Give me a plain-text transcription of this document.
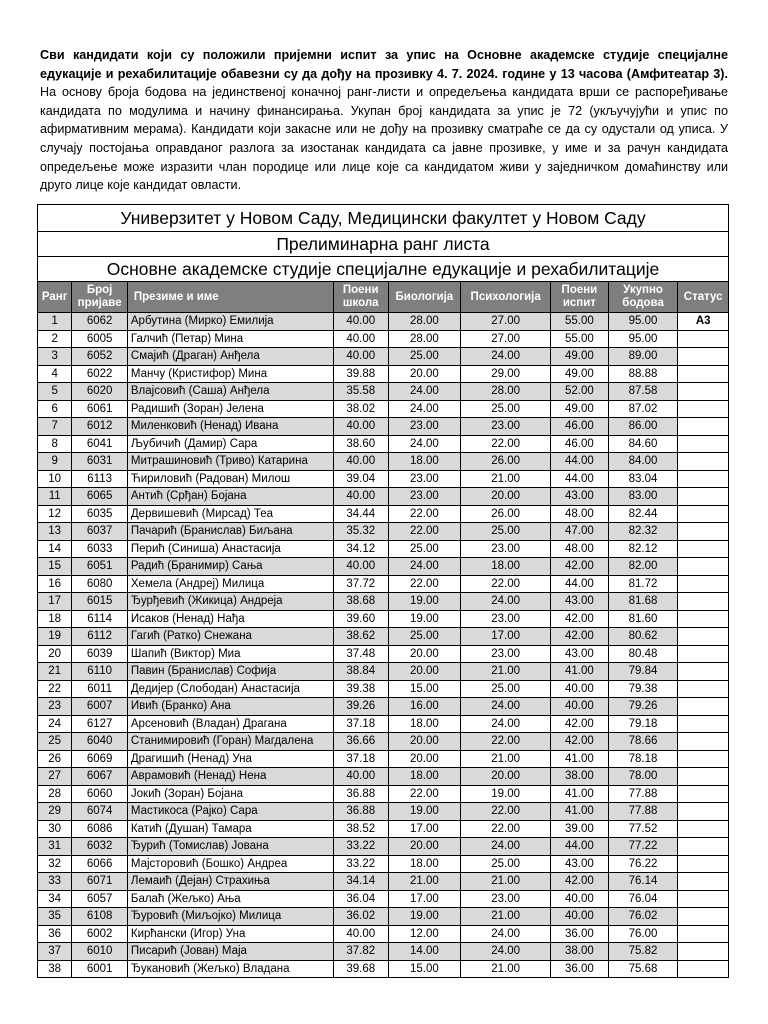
Сви кандидати који су положили пријемни испит за упис на Основне академске студије специјалне едукације и рехабилитације обавезни су да дођу на прозивку 4. 7. 2024. године у 13 часова (Амфитеатар 3). На основу броја бодова на јединственој коначној ранг-листи и опредељења кандидата врши се распоређивање кандидата по модулима и начину финансирања. Укупан број кандидата за упис је 72 (укључујући и упис по афирмативним мерама). Кандидати који закасне или не дођу на прозивку сматраће се да су одустали од уписа. У случају постојања оправданог разлога за изостанак кандидата са јавне прозивке, у име и за рачун кандидата опредељење може изразити члан породице или лице које са кандидатом живи у заједничком домаћинству или друго лице које кандидат овласти.
Универзитет у Новом Саду, Медицински факултет у Новом Саду								
Прелиминарна ранг листа								
Основне академске студије специјалне едукације и рехабилитације								
Ранг	Број пријаве	Презиме и име	Поени школа	Биологија	Психологија	Поени испит	Укупно бодова	Статус
1	6062	Арбутина (Мирко) Емилија	40.00	28.00	27.00	55.00	95.00	А3
2	6005	Галчић (Петар) Мина	40.00	28.00	27.00	55.00	95.00	
3	6052	Смајић (Драган) Анђела	40.00	25.00	24.00	49.00	89.00	
4	6022	Манчу (Кристифор) Мина	39.88	20.00	29.00	49.00	88.88	
5	6020	Влајсовић (Саша) Анђела	35.58	24.00	28.00	52.00	87.58	
6	6061	Радишић (Зоран) Јелена	38.02	24.00	25.00	49.00	87.02	
7	6012	Миленковић (Ненад) Ивана	40.00	23.00	23.00	46.00	86.00	
8	6041	Љубичић (Дамир) Сара	38.60	24.00	22.00	46.00	84.60	
9	6031	Митрашиновић (Триво) Катарина	40.00	18.00	26.00	44.00	84.00	
10	6113	Ћириловић (Радован) Милош	39.04	23.00	21.00	44.00	83.04	
11	6065	Антић (Срђан) Бојана	40.00	23.00	20.00	43.00	83.00	
12	6035	Дервишевић (Мирсад) Теа	34.44	22.00	26.00	48.00	82.44	
13	6037	Пачарић (Бранислав) Биљана	35.32	22.00	25.00	47.00	82.32	
14	6033	Перић (Синиша) Анастасија	34.12	25.00	23.00	48.00	82.12	
15	6051	Радић (Бранимир) Сања	40.00	24.00	18.00	42.00	82.00	
16	6080	Хемела (Андреј) Милица	37.72	22.00	22.00	44.00	81.72	
17	6015	Ђурђевић (Жикица) Андреја	38.68	19.00	24.00	43.00	81.68	
18	6114	Исаков (Ненад) Нађа	39.60	19.00	23.00	42.00	81.60	
19	6112	Гагић (Ратко) Снежана	38.62	25.00	17.00	42.00	80.62	
20	6039	Шапић (Виктор) Миа	37.48	20.00	23.00	43.00	80.48	
21	6110	Павин (Бранислав) Софија	38.84	20.00	21.00	41.00	79.84	
22	6011	Дедијер (Слободан) Анастасија	39.38	15.00	25.00	40.00	79.38	
23	6007	Ивић (Бранко) Ана	39.26	16.00	24.00	40.00	79.26	
24	6127	Арсеновић (Владан) Драгана	37.18	18.00	24.00	42.00	79.18	
25	6040	Станимировић (Горан) Магдалена	36.66	20.00	22.00	42.00	78.66	
26	6069	Драгишић (Ненад) Уна	37.18	20.00	21.00	41.00	78.18	
27	6067	Аврамовић (Ненад) Нена	40.00	18.00	20.00	38.00	78.00	
28	6060	Јокић (Зоран) Бојана	36.88	22.00	19.00	41.00	77.88	
29	6074	Мастикоса (Рајко) Сара	36.88	19.00	22.00	41.00	77.88	
30	6086	Катић (Душан) Тамара	38.52	17.00	22.00	39.00	77.52	
31	6032	Ђурић (Томислав) Јована	33.22	20.00	24.00	44.00	77.22	
32	6066	Мајсторовић (Бошко) Андреа	33.22	18.00	25.00	43.00	76.22	
33	6071	Лемаић (Дејан) Страхиња	34.14	21.00	21.00	42.00	76.14	
34	6057	Балаћ (Жељко) Ања	36.04	17.00	23.00	40.00	76.04	
35	6108	Ђуровић (Миљојко) Милица	36.02	19.00	21.00	40.00	76.02	
36	6002	Кирћански (Игор) Уна	40.00	12.00	24.00	36.00	76.00	
37	6010	Писарић (Јован) Маја	37.82	14.00	24.00	38.00	75.82	
38	6001	Ђукановић (Жељко) Владана	39.68	15.00	21.00	36.00	75.68	
